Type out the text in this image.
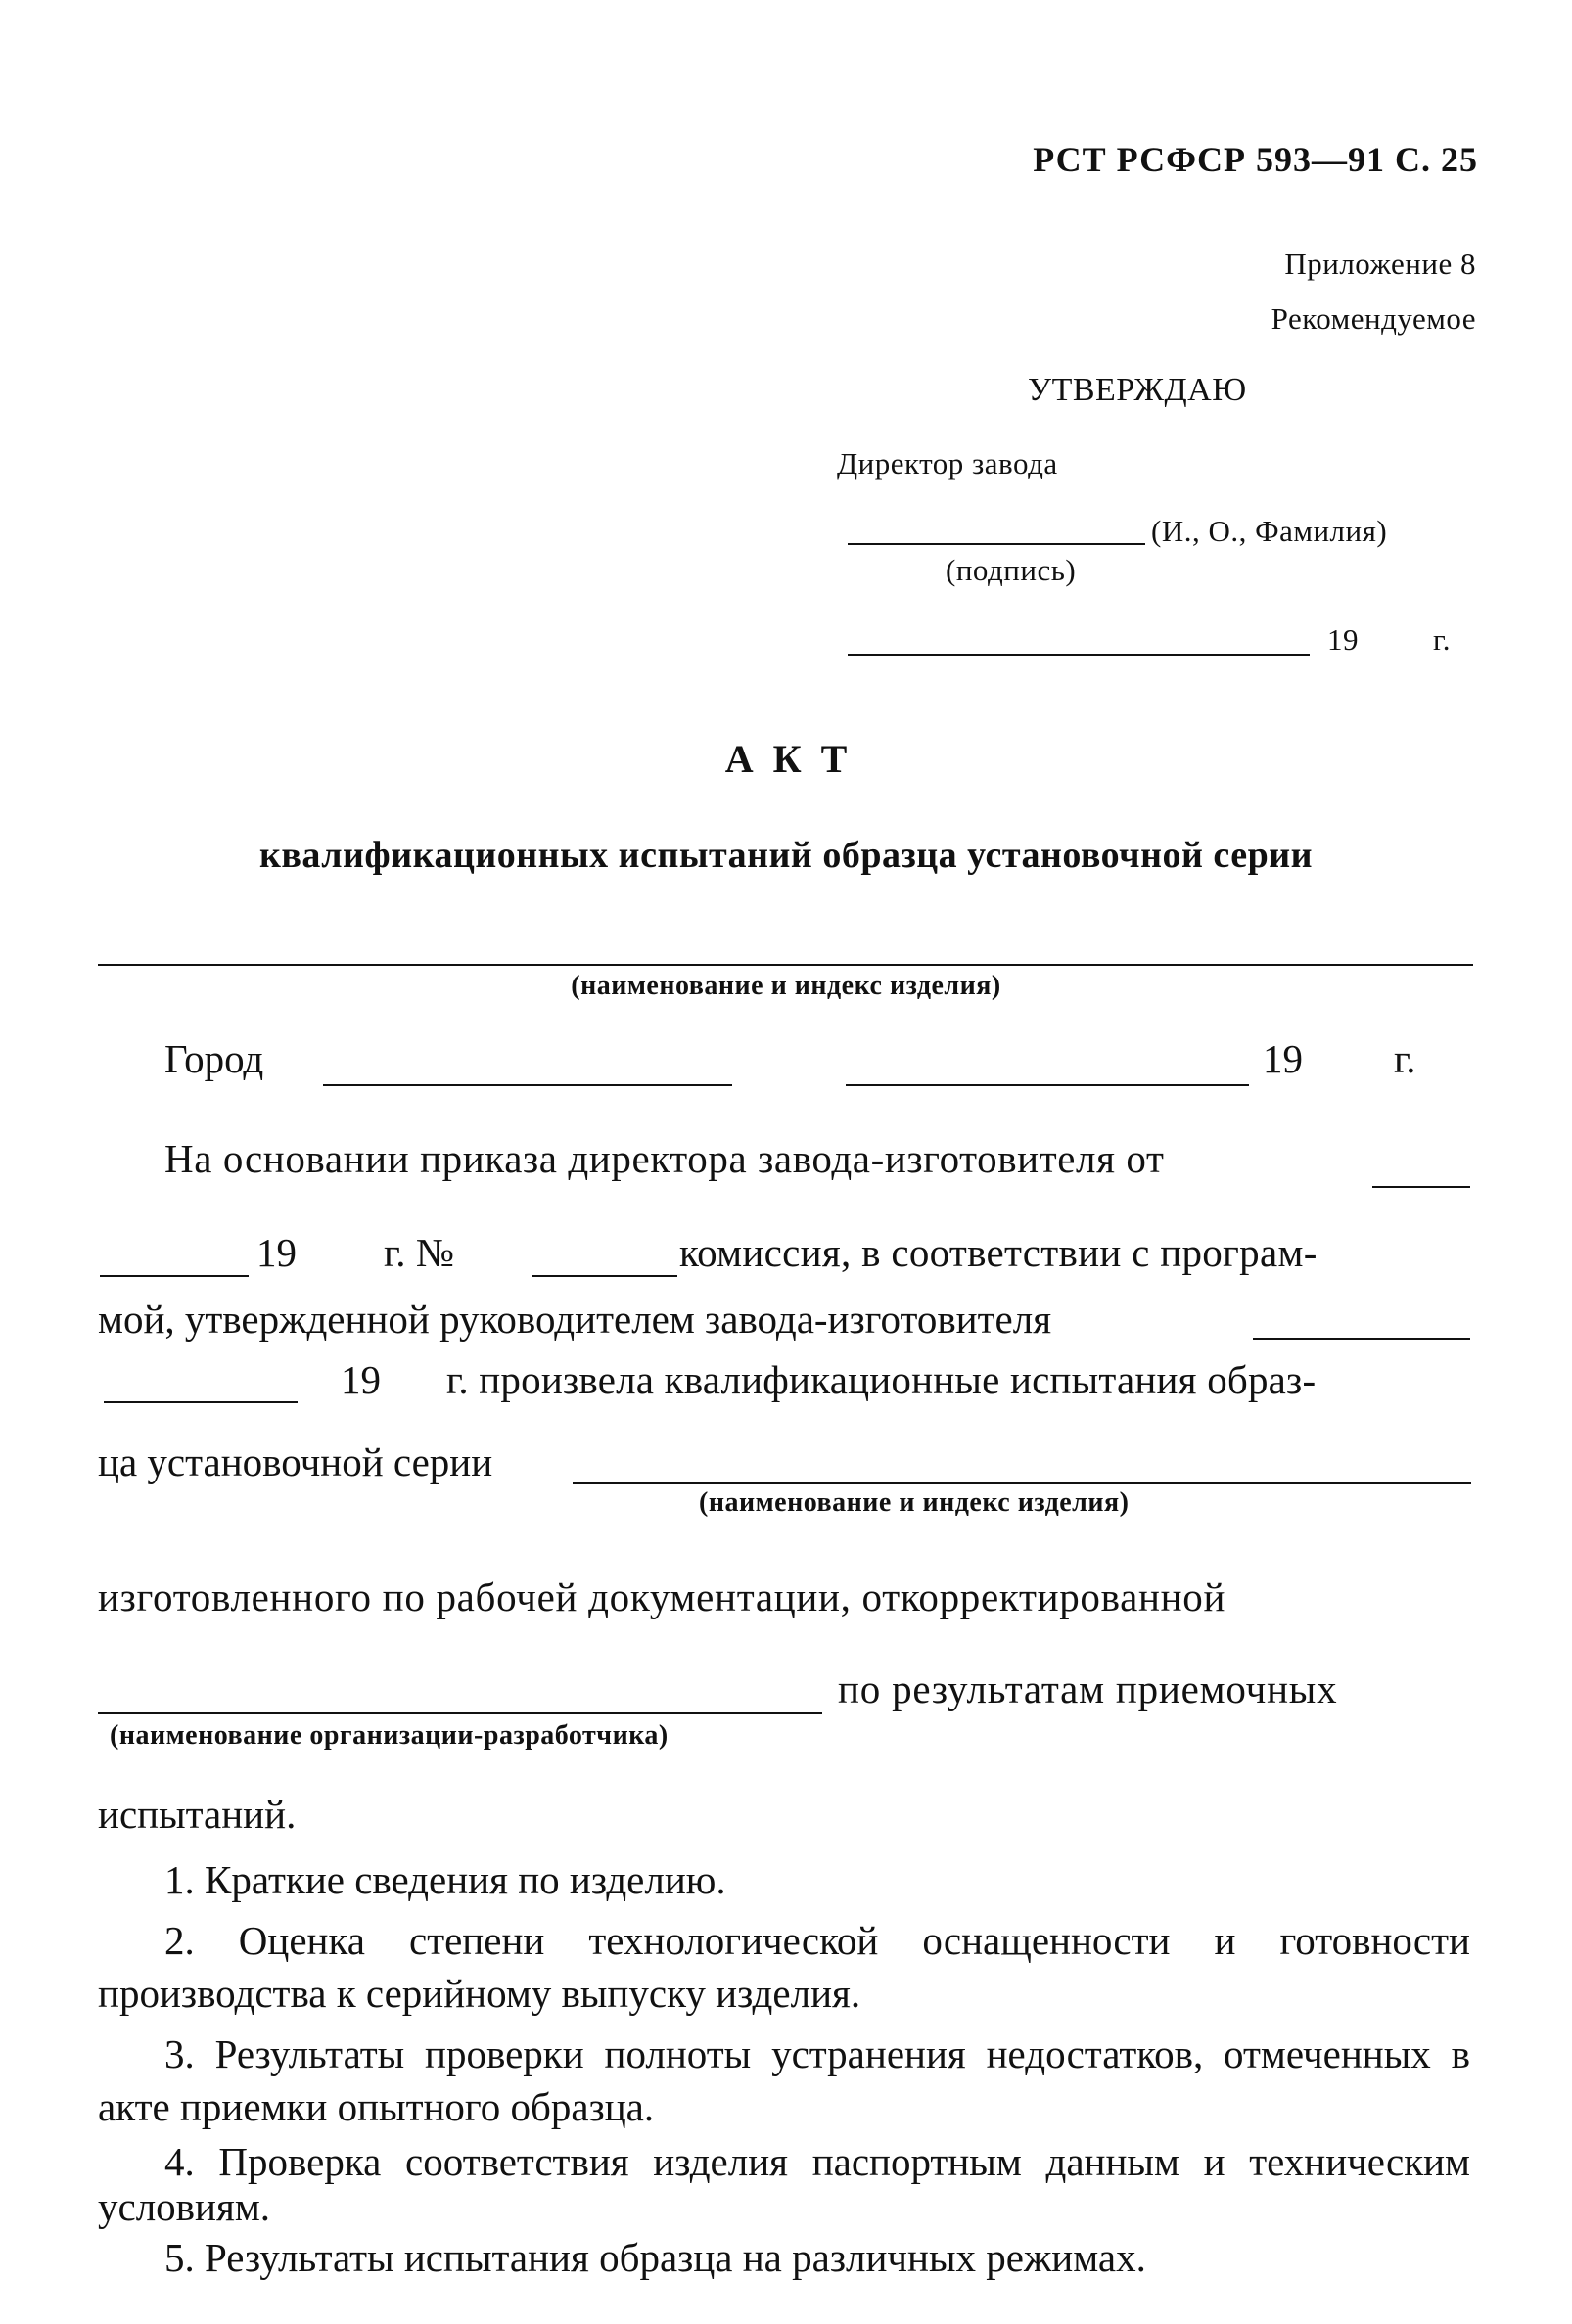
РСТ РСФСР 593—91 С. 25
Приложение 8
Рекомендуемое
УТВЕРЖДАЮ
Директор завода
(И., О., Фамилия)
(подпись)
19 г.
АКТ
квалификационных испытаний образца установочной серии
(наименование и индекс изделия)
Город	19 г.
На основании приказа директора завода-изготовителя от
19 г. №	комиссия, в соответствии с програм-
мой, утвержденной руководителем завода-изготовителя
19 г. произвела квалификационные испытания образ-
ца установочной серии
(наименование и индекс изделия)
изготовленного по рабочей документации, откорректированной
по результатам приемочных
(наименование организации-разработчика)
испытаний.
1. Краткие сведения по изделию.
2. Оценка степени технологической оснащенности и готовности производства к серийному выпуску изделия.
3. Результаты проверки полноты устранения недостатков, отмеченных в акте приемки опытного образца.
4. Проверка соответствия изделия паспортным данным и техническим условиям.
5. Результаты испытания образца на различных режимах.
